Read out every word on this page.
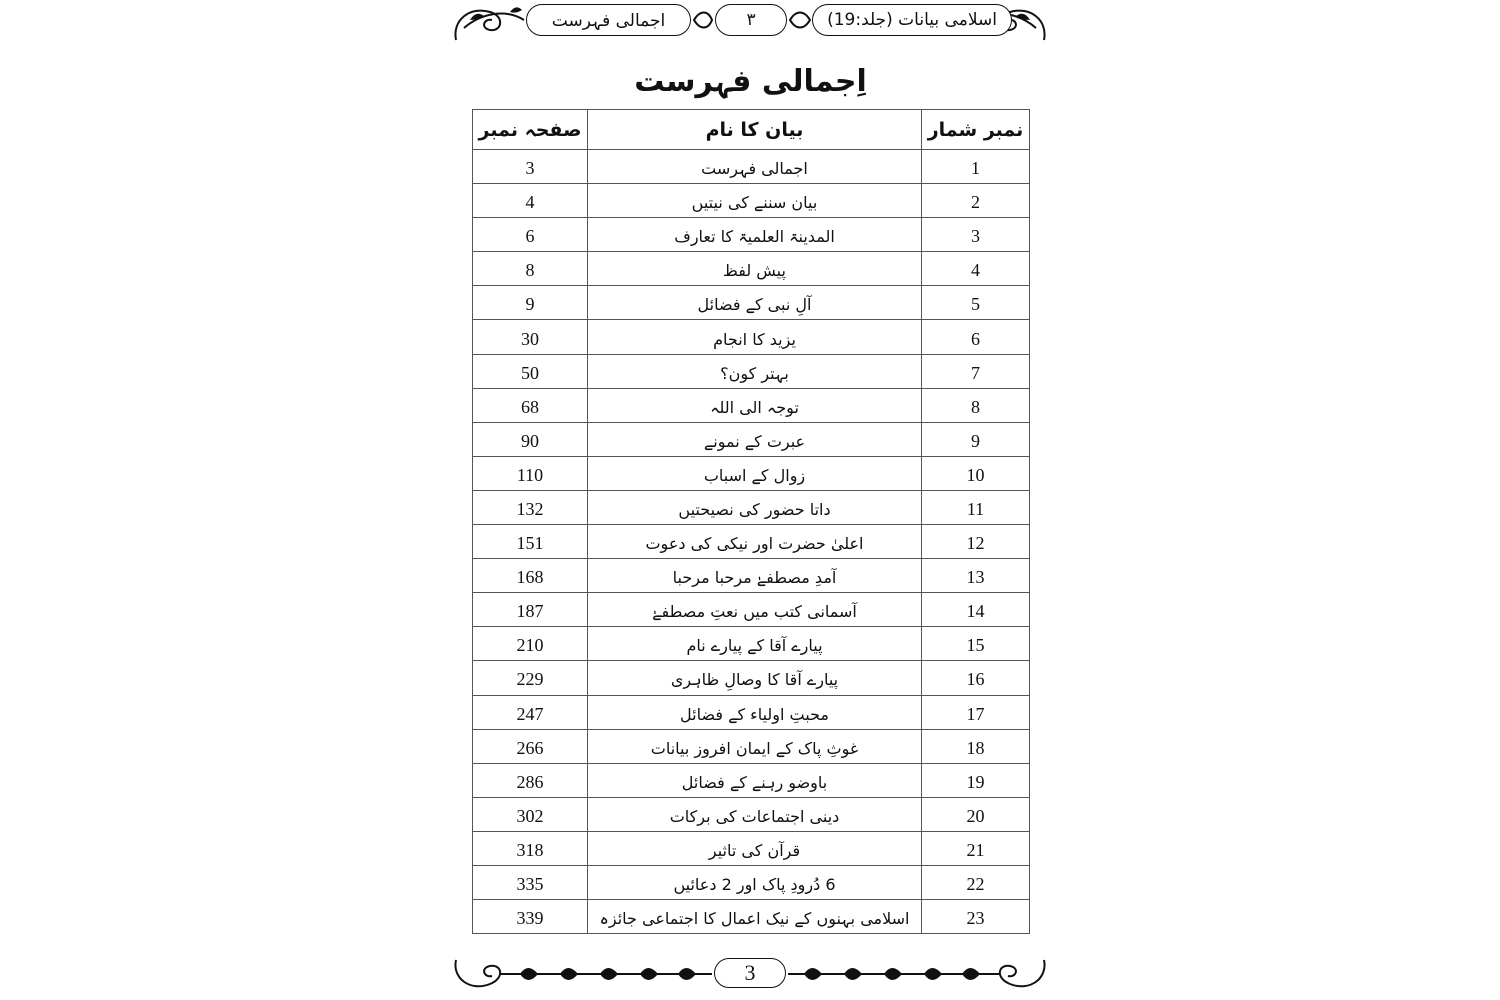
اسلامی بیانات (جلد:19)
٣
اجمالی فہرست
اِجمالی فہرست
نمبر شمار	بیان کا نام	صفحہ نمبر
1	اجمالی فہرست	3
2	بیان سننے کی نیتیں	4
3	المدینۃ العلمیۃ کا تعارف	6
4	پیش لفظ	8
5	آلِ نبی کے فضائل	9
6	یزید کا انجام	30
7	بہتر کون؟	50
8	توجہ الی اللہ	68
9	عبرت کے نمونے	90
10	زوال کے اسباب	110
11	داتا حضور کی نصیحتیں	132
12	اعلیٰ حضرت اور نیکی کی دعوت	151
13	آمدِ مصطفےٰ مرحبا مرحبا	168
14	آسمانی کتب میں نعتِ مصطفےٰ	187
15	پیارے آقا کے پیارے نام	210
16	پیارے آقا کا وصالِ ظاہری	229
17	محبتِ اولیاء کے فضائل	247
18	غوثِ پاک کے ایمان افروز بیانات	266
19	باوضو رہنے کے فضائل	286
20	دینی اجتماعات کی برکات	302
21	قرآن کی تاثیر	318
22	6 دُرودِ پاک اور 2 دعائیں	335
23	اسلامی بہنوں کے نیک اعمال کا اجتماعی جائزہ	339
3
